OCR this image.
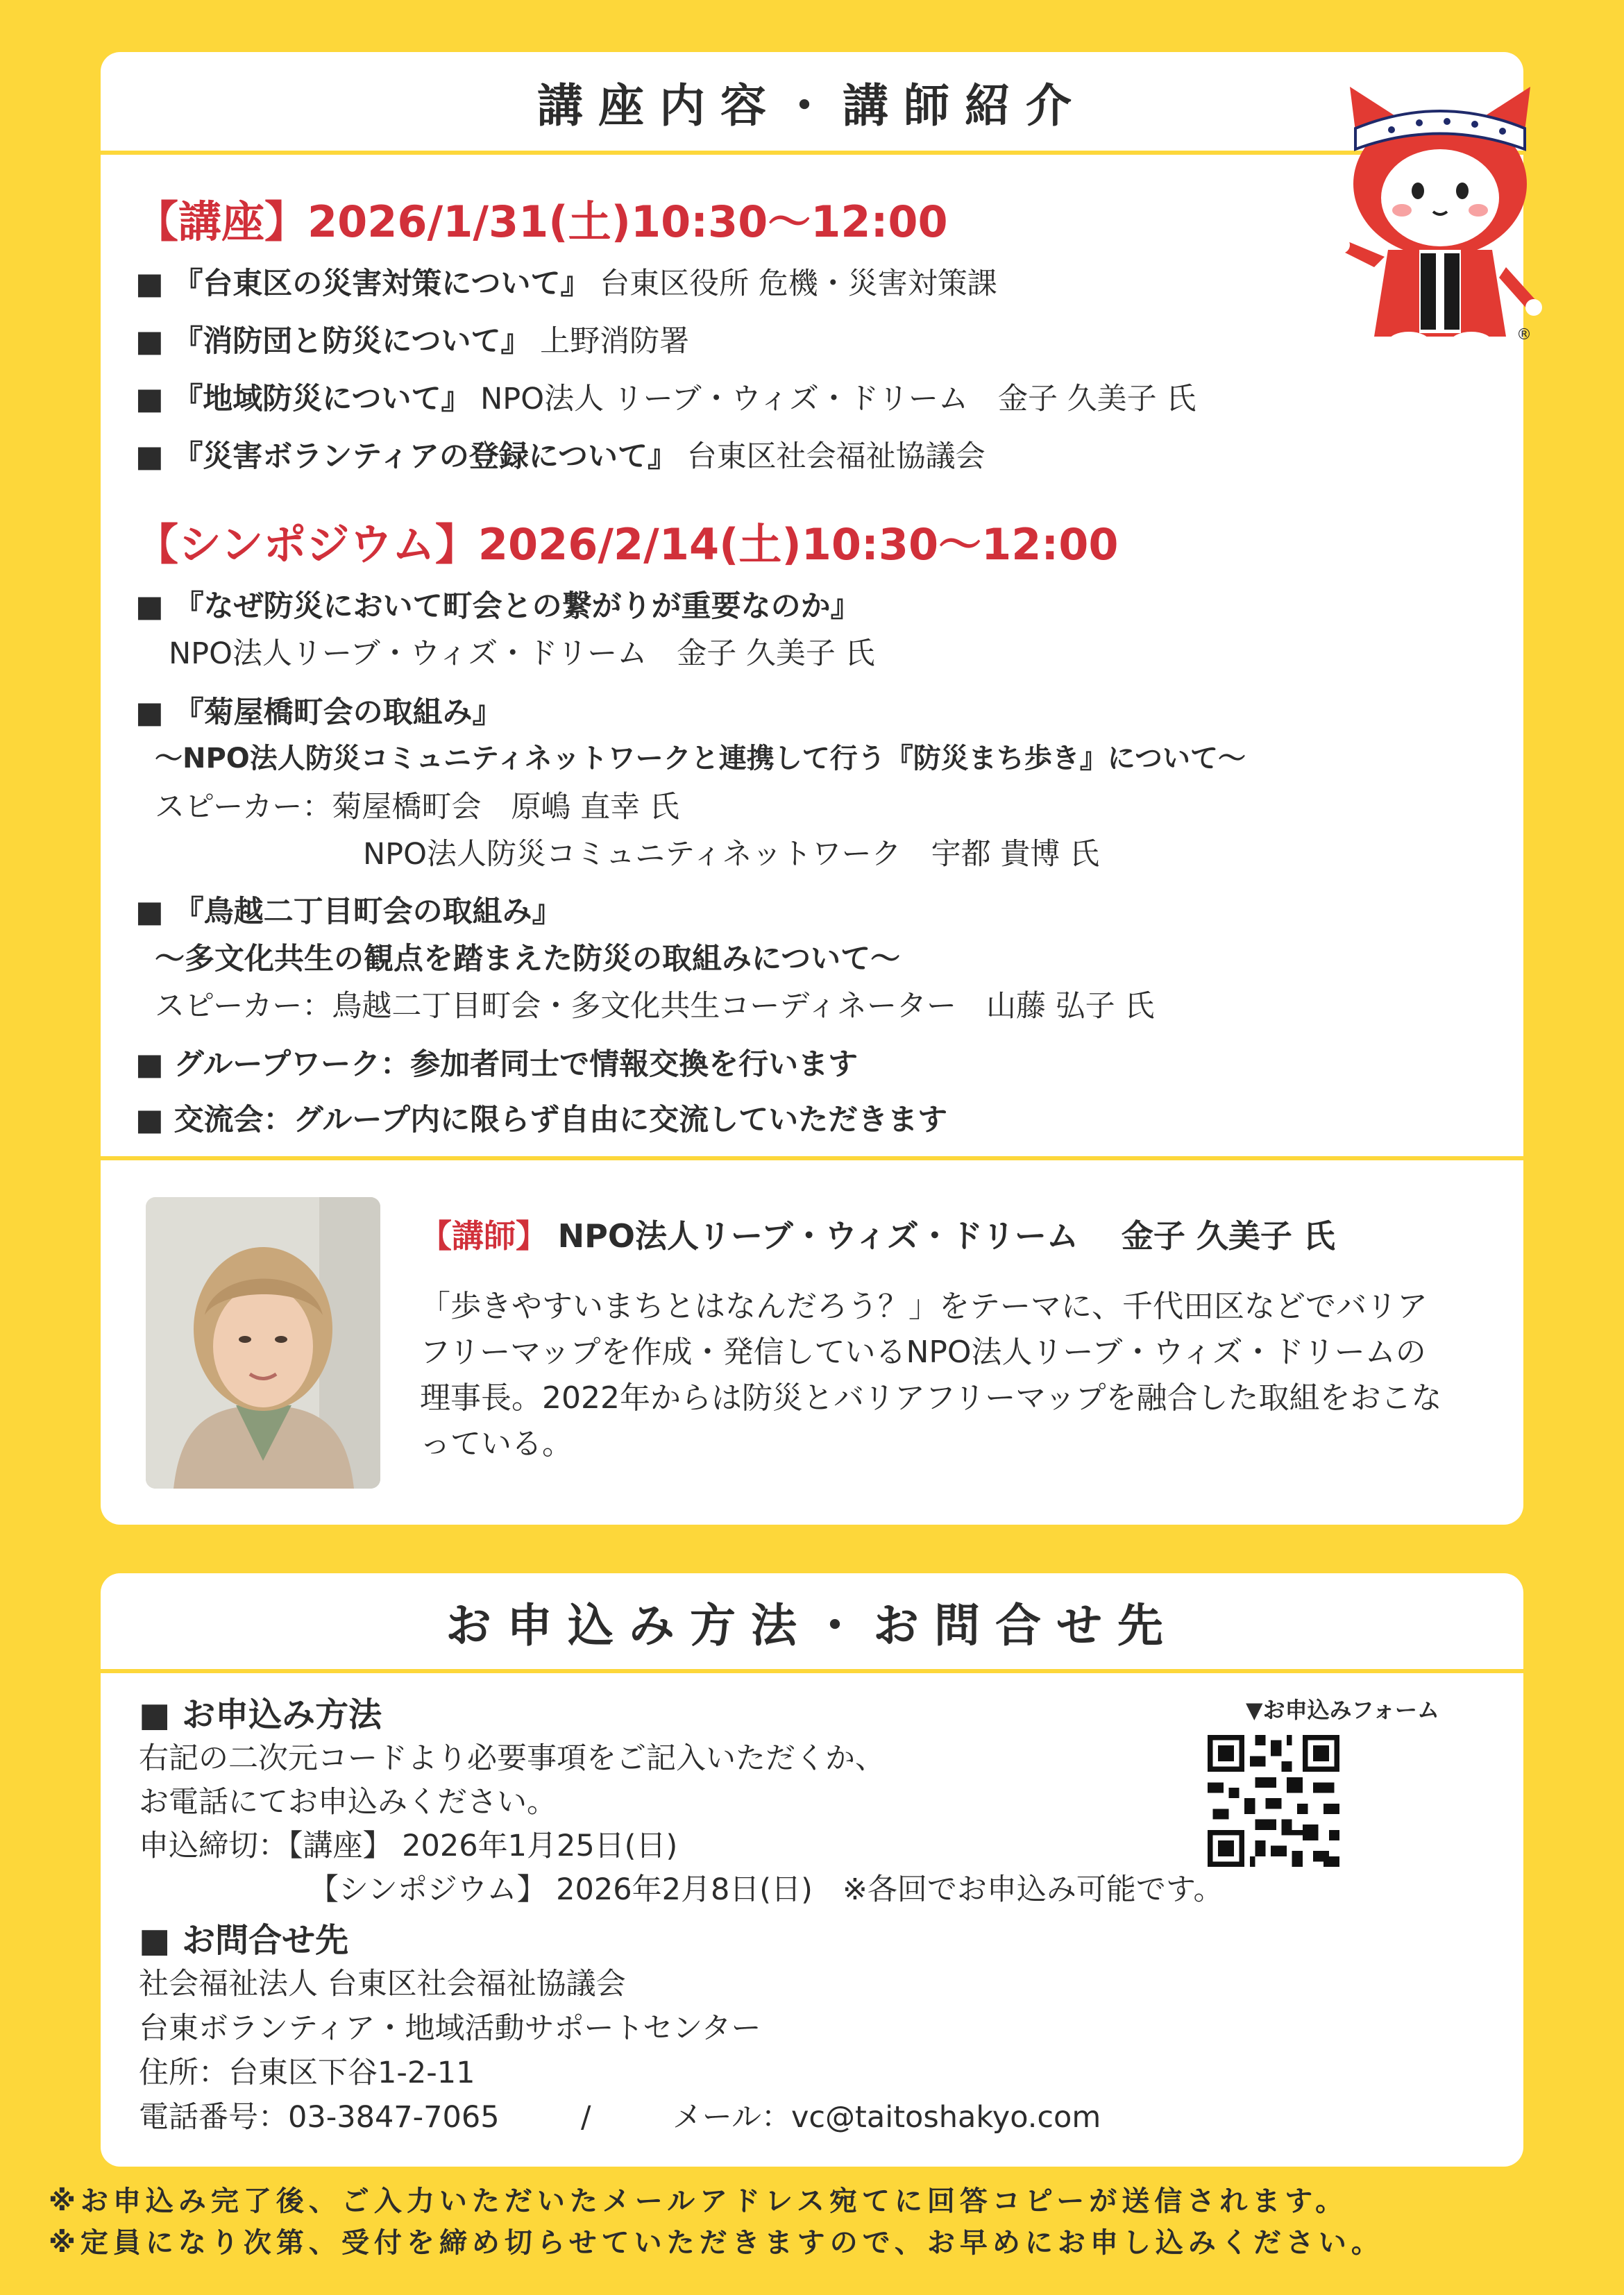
講座内容・講師紹介
【講座】2026/1/31(土)10:30～12:00
■ 『台東区の災害対策について』 台東区役所 危機・災害対策課
■ 『消防団と防災について』 上野消防署
■ 『地域防災について』 NPO法人 リーブ・ウィズ・ドリーム　金子 久美子 氏
■ 『災害ボランティアの登録について』 台東区社会福祉協議会
【シンポジウム】2026/2/14(土)10:30～12:00
■ 『なぜ防災において町会との繋がりが重要なのか』
NPO法人リーブ・ウィズ・ドリーム　金子 久美子 氏
■ 『菊屋橋町会の取組み』
～NPO法人防災コミュニティネットワークと連携して行う『防災まち歩き』について～
スピーカー：菊屋橋町会　原嶋 直幸 氏
NPO法人防災コミュニティネットワーク　宇都 貴博 氏
■ 『鳥越二丁目町会の取組み』
～多文化共生の観点を踏まえた防災の取組みについて～
スピーカー：鳥越二丁目町会・多文化共生コーディネーター　山藤 弘子 氏
■ グループワーク：参加者同士で情報交換を行います
■ 交流会：グループ内に限らず自由に交流していただきます
【講師】 NPO法人リーブ・ウィズ・ドリーム　 金子 久美子 氏
「歩きやすいまちとはなんだろう？」をテーマに、千代田区などでバリアフリーマップを作成・発信しているNPO法人リーブ・ウィズ・ドリームの理事長。2022年からは防災とバリアフリーマップを融合した取組をおこなっている。
®
お申込み方法・お問合せ先
■ お申込み方法
右記の二次元コードより必要事項をご記入いただくか、
お電話にてお申込みください。
申込締切：【講座】 2026年1月25日(日)
【シンポジウム】 2026年2月8日(日)　※各回でお申込み可能です。
■ お問合せ先
社会福祉法人 台東区社会福祉協議会
台東ボランティア・地域活動サポートセンター
住所：台東区下谷1-2-11
電話番号：03-3847-7065	/	メール：vc@taitoshakyo.com
▼お申込みフォーム
※お申込み完了後、ご入力いただいたメールアドレス宛てに回答コピーが送信されます。
※定員になり次第、受付を締め切らせていただきますので、お早めにお申し込みください。
